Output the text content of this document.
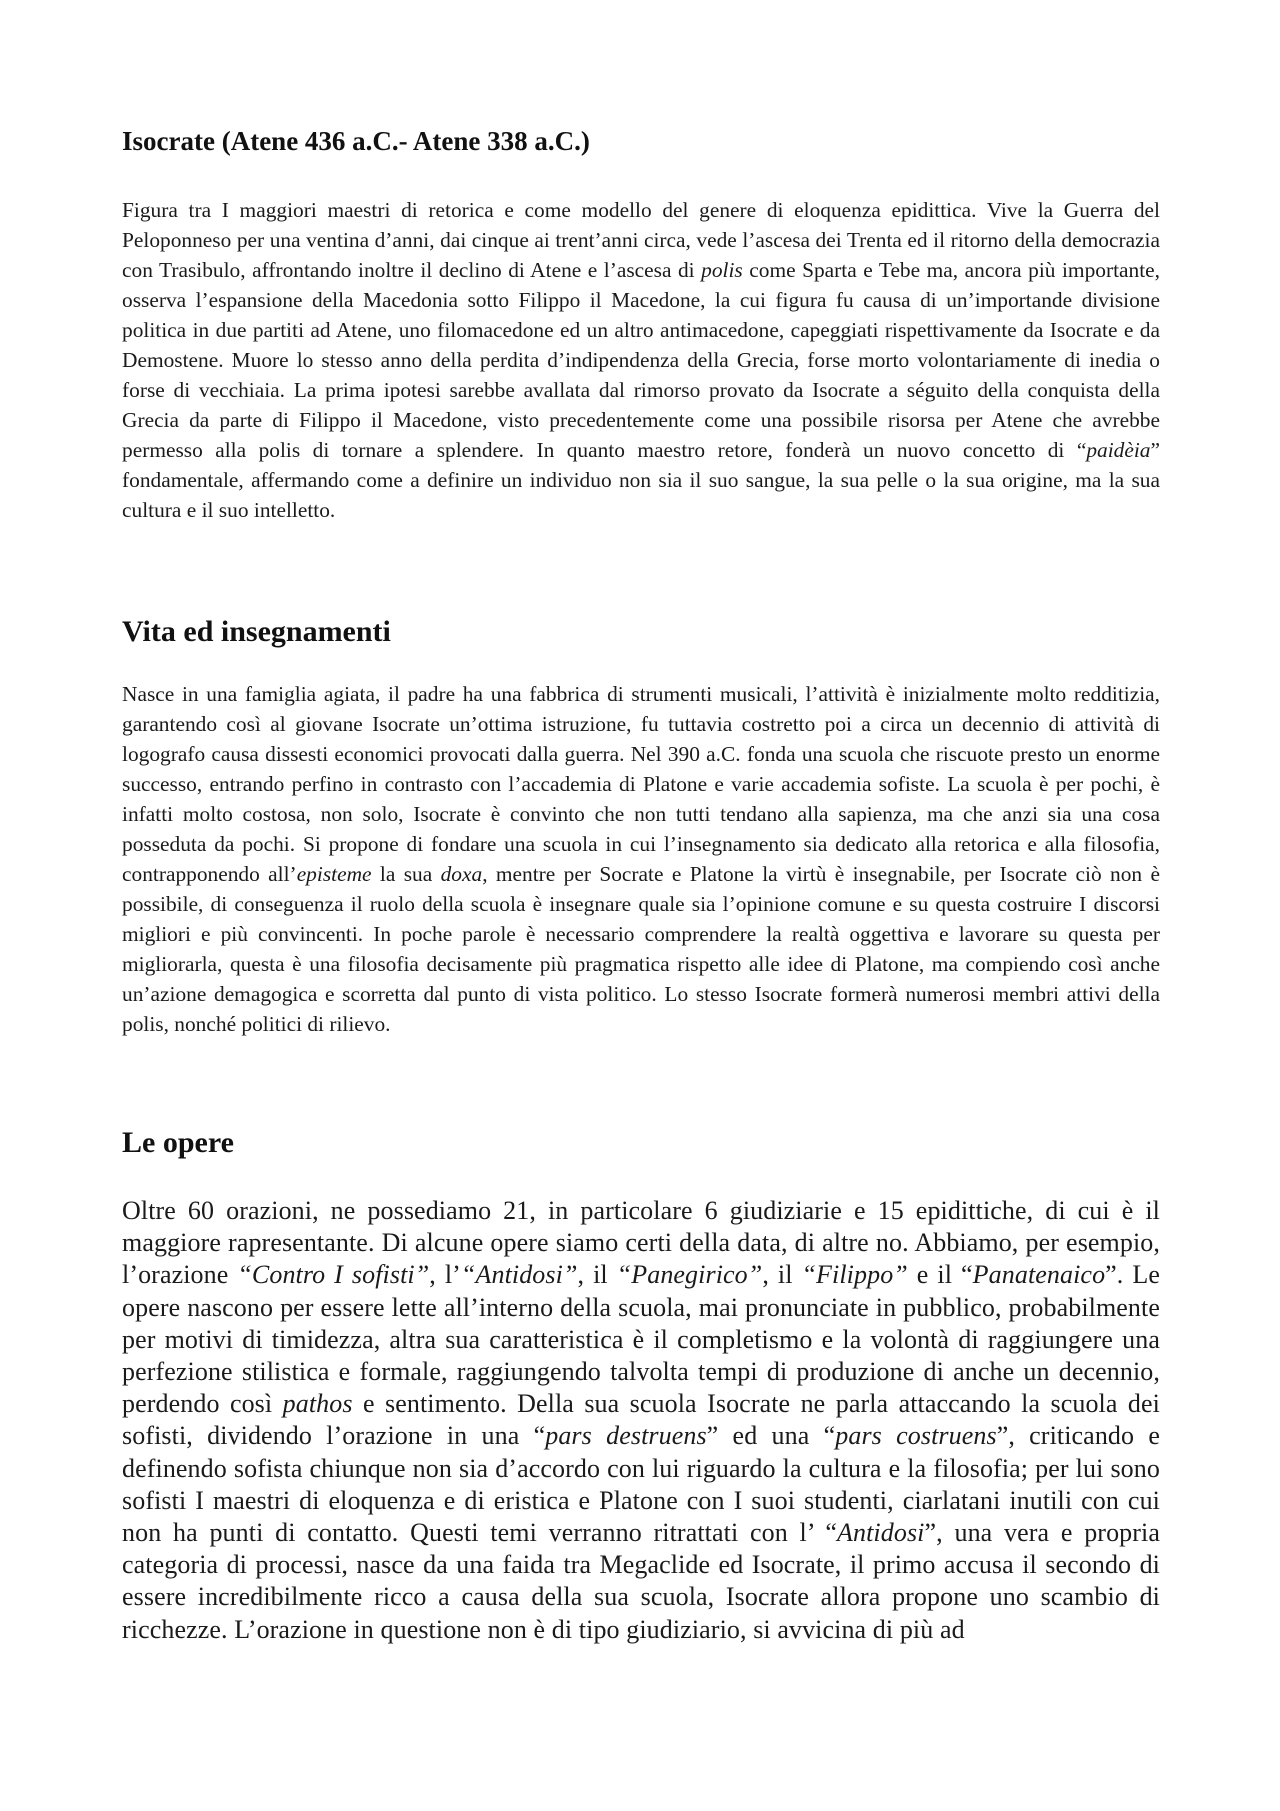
Isocrate (Atene 436 a.C.- Atene 338 a.C.)

Figura tra I maggiori maestri di retorica e come modello del genere di eloquenza epidittica. Vive la Guerra del Peloponneso per una ventina d’anni, dai cinque ai trent’anni circa, vede l’ascesa dei Trenta ed il ritorno della democrazia con Trasibulo, affrontando inoltre il declino di Atene e l’ascesa di polis come Sparta e Tebe ma, ancora più importante, osserva l’espansione della Macedonia sotto Filippo il Macedone, la cui figura fu causa di un’importande divisione politica in due partiti ad Atene, uno filomacedone ed un altro antimacedone, capeggiati rispettivamente da Isocrate e da Demostene. Muore lo stesso anno della perdita d’indipendenza della Grecia, forse morto volontariamente di inedia o forse di vecchiaia. La prima ipotesi sarebbe avallata dal rimorso provato da Isocrate a séguito della conquista della Grecia da parte di Filippo il Macedone, visto precedentemente come una possibile risorsa per Atene che avrebbe permesso alla polis di tornare a splendere. In quanto maestro retore, fonderà un nuovo concetto di “paidèia” fondamentale, affermando come a definire un individuo non sia il suo sangue, la sua pelle o la sua origine, ma la sua cultura e il suo intelletto.

Vita ed insegnamenti

Nasce in una famiglia agiata, il padre ha una fabbrica di strumenti musicali, l’attività è inizialmente molto redditizia, garantendo così al giovane Isocrate un’ottima istruzione, fu tuttavia costretto poi a circa un decennio di attività di logografo causa dissesti economici provocati dalla guerra. Nel 390 a.C. fonda una scuola che riscuote presto un enorme successo, entrando perfino in contrasto con l’accademia di Platone e varie accademia sofiste. La scuola è per pochi, è infatti molto costosa, non solo, Isocrate è convinto che non tutti tendano alla sapienza, ma che anzi sia una cosa posseduta da pochi. Si propone di fondare una scuola in cui l’insegnamento sia dedicato alla retorica e alla filosofia, contrapponendo all’episteme la sua doxa, mentre per Socrate e Platone la virtù è insegnabile, per Isocrate ciò non è possibile, di conseguenza il ruolo della scuola è insegnare quale sia l’opinione comune e su questa costruire I discorsi migliori e più convincenti. In poche parole è necessario comprendere la realtà oggettiva e lavorare su questa per migliorarla, questa è una filosofia decisamente più pragmatica rispetto alle idee di Platone, ma compiendo così anche un’azione demagogica e scorretta dal punto di vista politico. Lo stesso Isocrate formerà numerosi membri attivi della polis, nonché politici di rilievo.

Le opere

Oltre 60 orazioni, ne possediamo 21, in particolare 6 giudiziarie e 15 epidittiche, di cui è il maggiore rapresentante. Di alcune opere siamo certi della data, di altre no. Abbiamo, per esempio, l’orazione “Contro I sofisti”, l’“Antidosi”, il “Panegirico”, il “Filippo” e il “Panatenaico”. Le opere nascono per essere lette all’interno della scuola, mai pronunciate in pubblico, probabilmente per motivi di timidezza, altra sua caratteristica è il completismo e la volontà di raggiungere una perfezione stilistica e formale, raggiungendo talvolta tempi di produzione di anche un decennio, perdendo così pathos e sentimento. Della sua scuola Isocrate ne parla attaccando la scuola dei sofisti, dividendo l’orazione in una “pars destruens” ed una “pars costruens”, criticando e definendo sofista chiunque non sia d’accordo con lui riguardo la cultura e la filosofia; per lui sono sofisti I maestri di eloquenza e di eristica e Platone con I suoi studenti, ciarlatani inutili con cui non ha punti di contatto. Questi temi verranno ritrattati con l’ “Antidosi”, una vera e propria categoria di processi, nasce da una faida tra Megaclide ed Isocrate, il primo accusa il secondo di essere incredibilmente ricco a causa della sua scuola, Isocrate allora propone uno scambio di ricchezze. L’orazione in questione non è di tipo giudiziario, si avvicina di più ad
